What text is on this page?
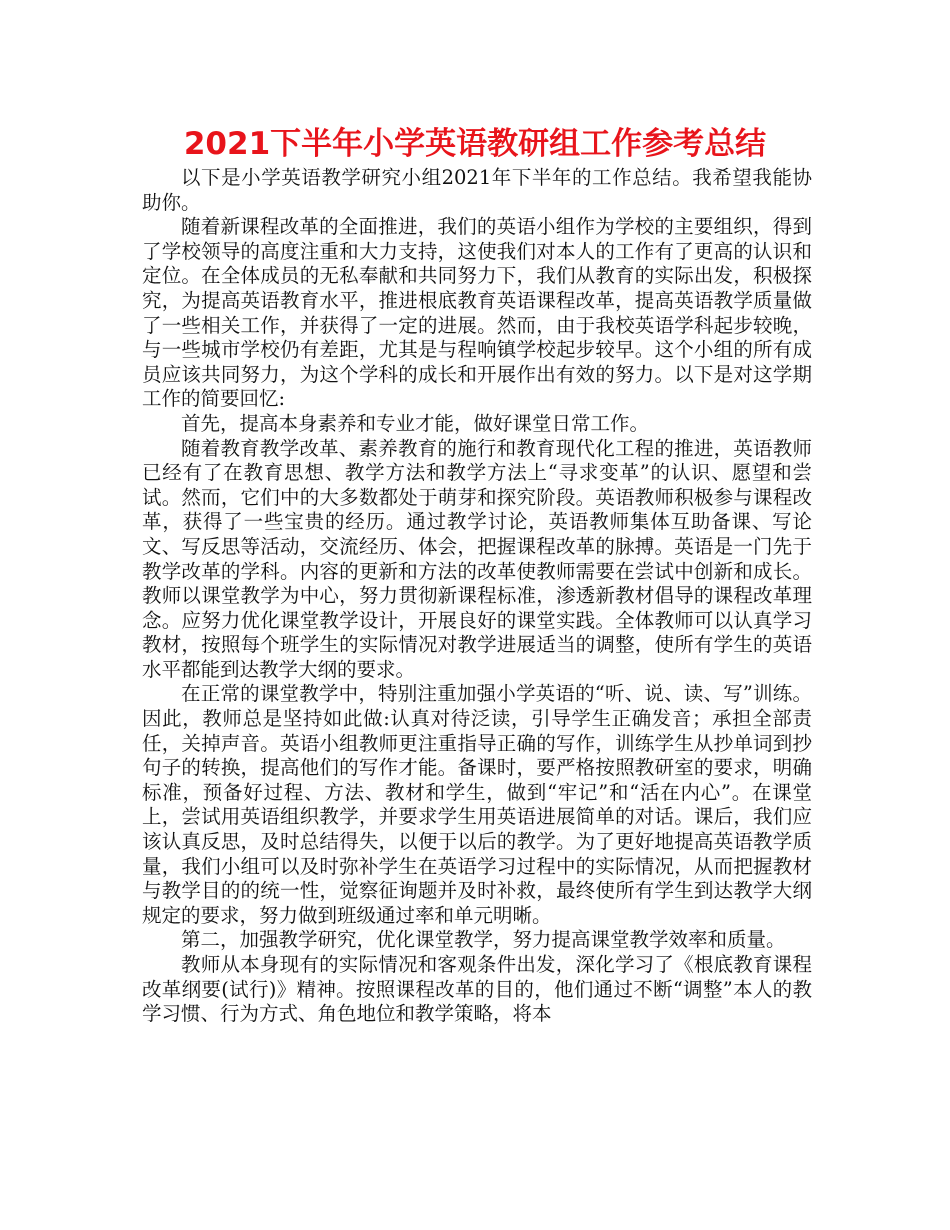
2021下半年小学英语教研组工作参考总结

以下是小学英语教学研究小组2021年下半年的工作总结。我希望我能协助你。

随着新课程改革的全面推进，我们的英语小组作为学校的主要组织，得到了学校领导的高度注重和大力支持，这使我们对本人的工作有了更高的认识和定位。在全体成员的无私奉献和共同努力下，我们从教育的实际出发，积极探究，为提高英语教育水平，推进根底教育英语课程改革，提高英语教学质量做了一些相关工作，并获得了一定的进展。然而，由于我校英语学科起步较晚，与一些城市学校仍有差距，尤其是与程响镇学校起步较早。这个小组的所有成员应该共同努力，为这个学科的成长和开展作出有效的努力。以下是对这学期工作的简要回忆:

首先，提高本身素养和专业才能，做好课堂日常工作。

随着教育教学改革、素养教育的施行和教育现代化工程的推进，英语教师已经有了在教育思想、教学方法和教学方法上“寻求变革”的认识、愿望和尝试。然而，它们中的大多数都处于萌芽和探究阶段。英语教师积极参与课程改革，获得了一些宝贵的经历。通过教学讨论，英语教师集体互助备课、写论文、写反思等活动，交流经历、体会，把握课程改革的脉搏。英语是一门先于教学改革的学科。内容的更新和方法的改革使教师需要在尝试中创新和成长。教师以课堂教学为中心，努力贯彻新课程标准，渗透新教材倡导的课程改革理念。应努力优化课堂教学设计，开展良好的课堂实践。全体教师可以认真学习教材，按照每个班学生的实际情况对教学进展适当的调整，使所有学生的英语水平都能到达教学大纲的要求。

在正常的课堂教学中，特别注重加强小学英语的“听、说、读、写”训练。因此，教师总是坚持如此做:认真对待泛读，引导学生正确发音；承担全部责任，关掉声音。英语小组教师更注重指导正确的写作，训练学生从抄单词到抄句子的转换，提高他们的写作才能。备课时，要严格按照教研室的要求，明确标准，预备好过程、方法、教材和学生，做到“牢记”和“活在内心”。在课堂上，尝试用英语组织教学，并要求学生用英语进展简单的对话。课后，我们应该认真反思，及时总结得失，以便于以后的教学。为了更好地提高英语教学质量，我们小组可以及时弥补学生在英语学习过程中的实际情况，从而把握教材与教学目的的统一性，觉察征询题并及时补救，最终使所有学生到达教学大纲规定的要求，努力做到班级通过率和单元明晰。

第二，加强教学研究，优化课堂教学，努力提高课堂教学效率和质量。

教师从本身现有的实际情况和客观条件出发，深化学习了《根底教育课程改革纲要(试行)》精神。按照课程改革的目的，他们通过不断“调整”本人的教学习惯、行为方式、角色地位和教学策略，将本
